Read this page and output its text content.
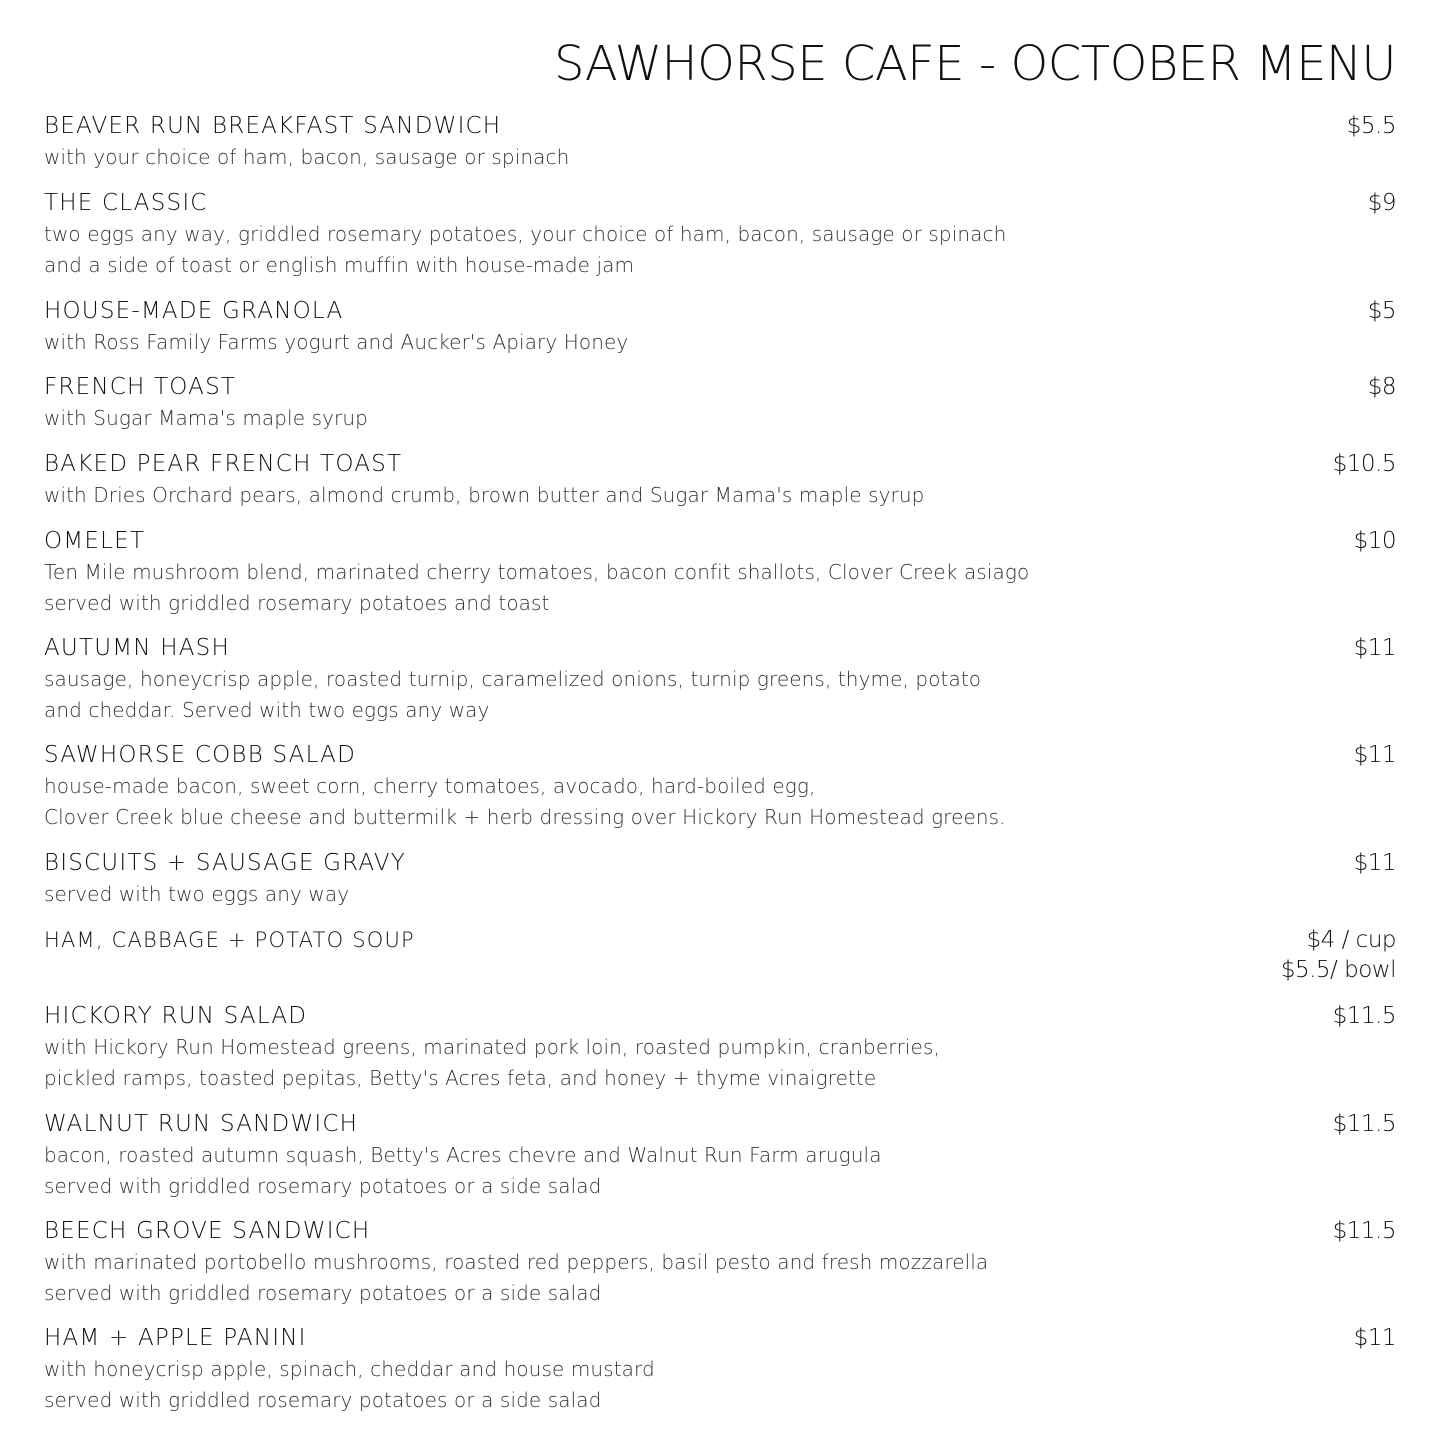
SAWHORSE CAFE - OCTOBER MENU
BEAVER RUN BREAKFAST SANDWICH	$5.5
with your choice of ham, bacon, sausage or spinach
THE CLASSIC	$9
two eggs any way, griddled rosemary potatoes, your choice of ham, bacon, sausage or spinach
and a side of toast or english muffin with house-made jam
HOUSE-MADE GRANOLA	$5
with Ross Family Farms yogurt and Aucker's Apiary Honey
FRENCH TOAST	$8
with Sugar Mama's maple syrup
BAKED PEAR FRENCH TOAST	$10.5
with Dries Orchard pears, almond crumb, brown butter and Sugar Mama's maple syrup
OMELET	$10
Ten Mile mushroom blend, marinated cherry tomatoes, bacon confit shallots, Clover Creek asiago
served with griddled rosemary potatoes and toast
AUTUMN HASH	$11
sausage, honeycrisp apple, roasted turnip, caramelized onions, turnip greens, thyme, potato
and cheddar. Served with two eggs any way
SAWHORSE COBB SALAD	$11
house-made bacon, sweet corn, cherry tomatoes, avocado, hard-boiled egg,
Clover Creek blue cheese and buttermilk + herb dressing over Hickory Run Homestead greens.
BISCUITS + SAUSAGE GRAVY	$11
served with two eggs any way
HAM, CABBAGE + POTATO SOUP	$4 / cup
$5.5/ bowl
HICKORY RUN SALAD	$11.5
with Hickory Run Homestead greens, marinated pork loin, roasted pumpkin, cranberries,
pickled ramps, toasted pepitas, Betty's Acres feta, and honey + thyme vinaigrette
WALNUT RUN SANDWICH	$11.5
bacon, roasted autumn squash, Betty's Acres chevre and Walnut Run Farm arugula
served with griddled rosemary potatoes or a side salad
BEECH GROVE SANDWICH	$11.5
with marinated portobello mushrooms, roasted red peppers, basil pesto and fresh mozzarella
served with griddled rosemary potatoes or a side salad
HAM + APPLE PANINI	$11
with honeycrisp apple, spinach, cheddar and house mustard
served with griddled rosemary potatoes or a side salad
